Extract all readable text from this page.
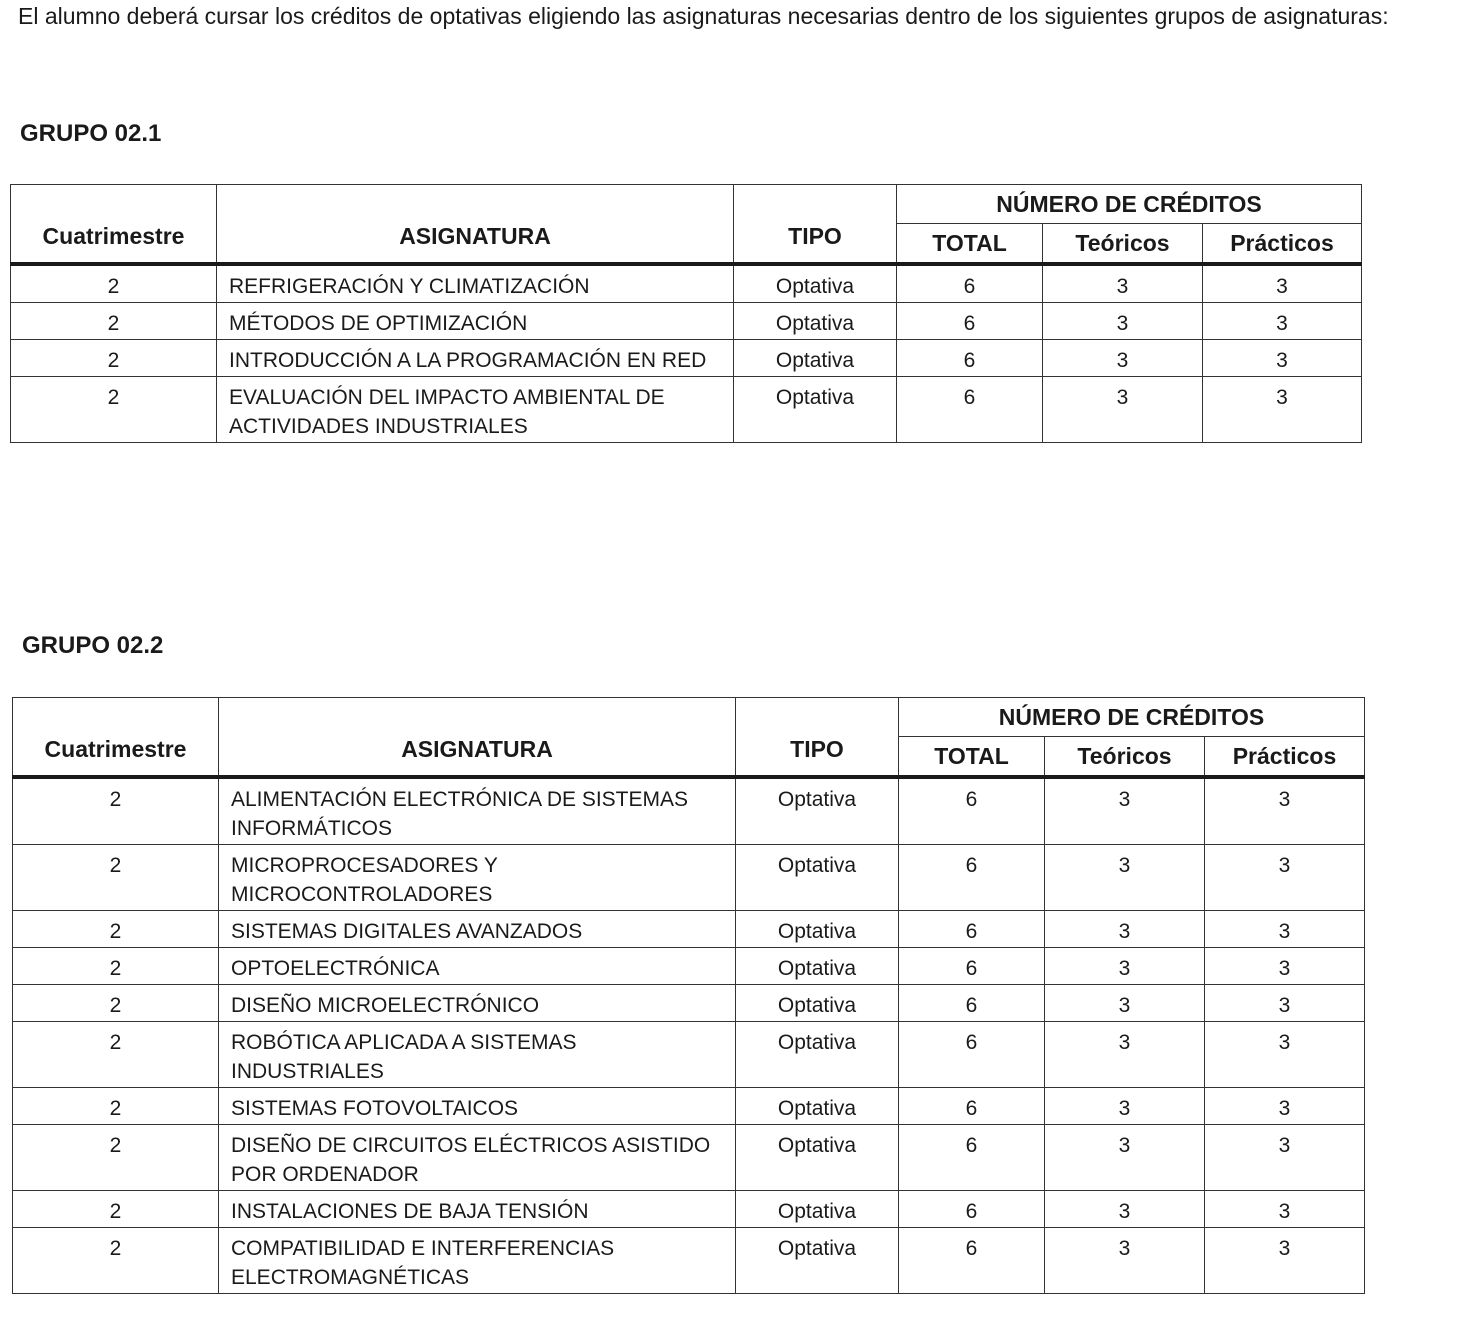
El alumno deberá cursar los créditos de optativas eligiendo las asignaturas necesarias dentro de los siguientes grupos de asignaturas:

GRUPO 02.1
Cuatrimestre	ASIGNATURA	TIPO	NÚMERO DE CRÉDITOS		
			TOTAL	Teóricos	Prácticos
2	REFRIGERACIÓN Y CLIMATIZACIÓN	Optativa	6	3	3
2	MÉTODOS DE OPTIMIZACIÓN	Optativa	6	3	3
2	INTRODUCCIÓN A LA PROGRAMACIÓN EN RED	Optativa	6	3	3
2	EVALUACIÓN DEL IMPACTO AMBIENTAL DE ACTIVIDADES INDUSTRIALES	Optativa	6	3	3
GRUPO 02.2
Cuatrimestre	ASIGNATURA	TIPO	NÚMERO DE CRÉDITOS		
			TOTAL	Teóricos	Prácticos
2	ALIMENTACIÓN ELECTRÓNICA DE SISTEMAS INFORMÁTICOS	Optativa	6	3	3
2	MICROPROCESADORES Y MICROCONTROLADORES	Optativa	6	3	3
2	SISTEMAS DIGITALES AVANZADOS	Optativa	6	3	3
2	OPTOELECTRÓNICA	Optativa	6	3	3
2	DISEÑO MICROELECTRÓNICO	Optativa	6	3	3
2	ROBÓTICA APLICADA A SISTEMAS INDUSTRIALES	Optativa	6	3	3
2	SISTEMAS FOTOVOLTAICOS	Optativa	6	3	3
2	DISEÑO DE CIRCUITOS ELÉCTRICOS ASISTIDO POR ORDENADOR	Optativa	6	3	3
2	INSTALACIONES DE BAJA TENSIÓN	Optativa	6	3	3
2	COMPATIBILIDAD E INTERFERENCIAS ELECTROMAGNÉTICAS	Optativa	6	3	3
